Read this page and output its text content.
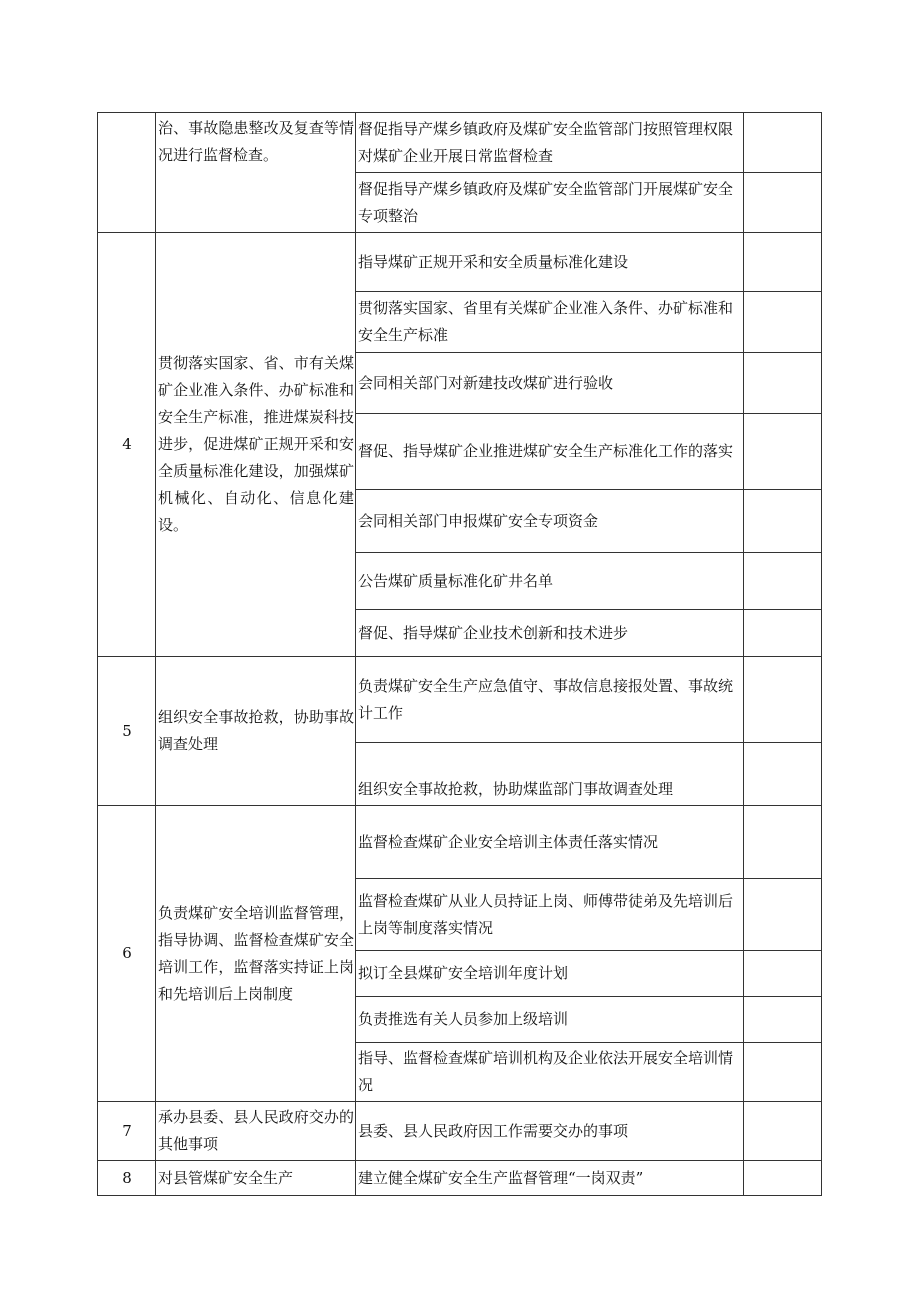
	治、事故隐患整改及复查等情况进行监督检查。	督促指导产煤乡镇政府及煤矿安全监管部门按照管理权限对煤矿企业开展日常监督检查	
		督促指导产煤乡镇政府及煤矿安全监管部门开展煤矿安全专项整治	
4	贯彻落实国家、省、市有关煤矿企业准入条件、办矿标准和安全生产标准，推进煤炭科技进步，促进煤矿正规开采和安全质量标准化建设，加强煤矿机械化、自动化、信息化建设。	指导煤矿正规开采和安全质量标准化建设	
		贯彻落实国家、省里有关煤矿企业准入条件、办矿标准和安全生产标准	
		会同相关部门对新建技改煤矿进行验收	
		督促、指导煤矿企业推进煤矿安全生产标准化工作的落实	
		会同相关部门申报煤矿安全专项资金	
		公告煤矿质量标准化矿井名单	
		督促、指导煤矿企业技术创新和技术进步	
5	组织安全事故抢救，协助事故调查处理	负责煤矿安全生产应急值守、事故信息接报处置、事故统计工作	
		组织安全事故抢救，协助煤监部门事故调查处理	
6	负责煤矿安全培训监督管理，指导协调、监督检查煤矿安全培训工作，监督落实持证上岗和先培训后上岗制度	监督检查煤矿企业安全培训主体责任落实情况	
		监督检查煤矿从业人员持证上岗、师傅带徒弟及先培训后上岗等制度落实情况	
		拟订全县煤矿安全培训年度计划	
		负责推选有关人员参加上级培训	
		指导、监督检查煤矿培训机构及企业依法开展安全培训情况	
7	承办县委、县人民政府交办的其他事项	县委、县人民政府因工作需要交办的事项	
8	对县管煤矿安全生产	建立健全煤矿安全生产监督管理“一岗双责”	
